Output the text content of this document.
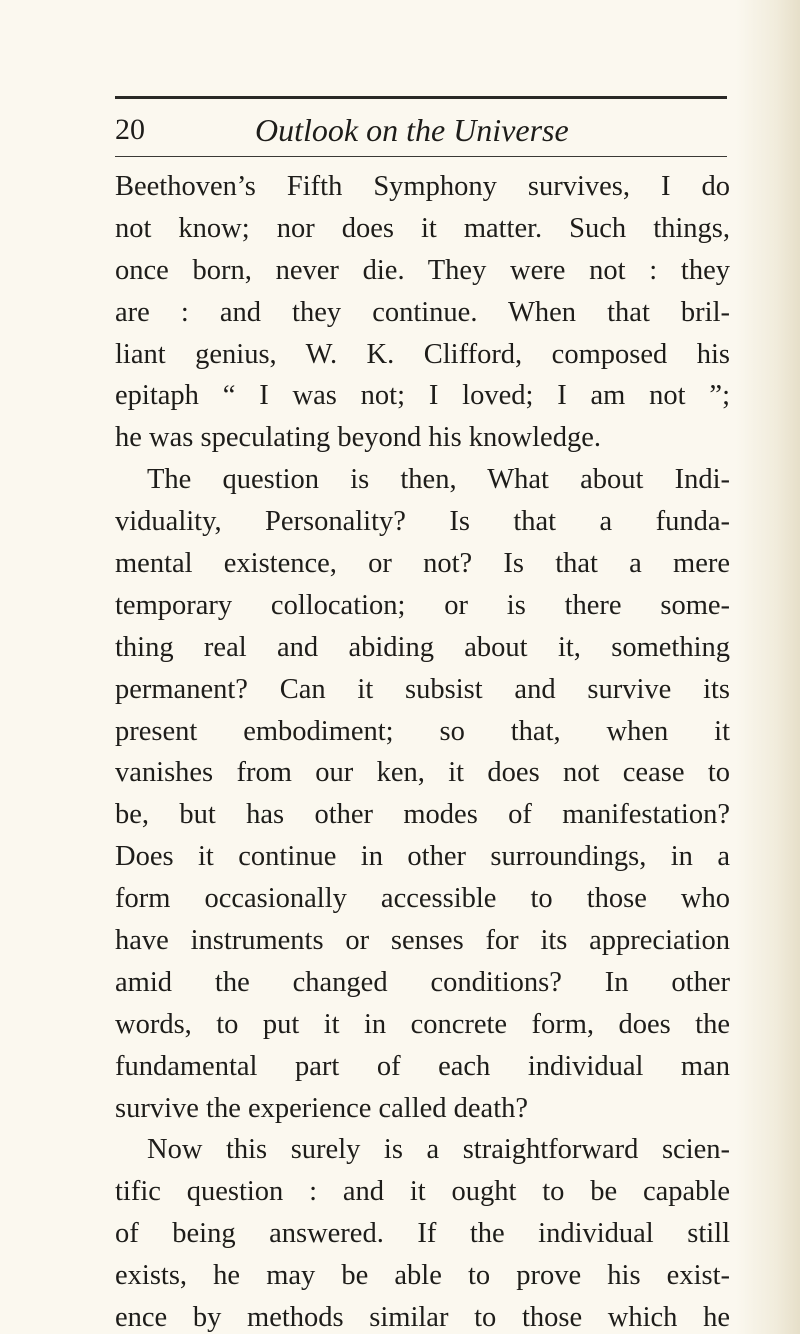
20	Outlook on the Universe
Beethoven’s Fifth Symphony survives, I do
not know; nor does it matter. Such things,
once born, never die. They were not : they
are : and they continue. When that bril-
liant genius, W. K. Clifford, composed his
epitaph “ I was not; I loved; I am not ”;
he was speculating beyond his knowledge.
The question is then, What about Indi-
viduality, Personality? Is that a funda-
mental existence, or not? Is that a mere
temporary collocation; or is there some-
thing real and abiding about it, something
permanent? Can it subsist and survive its
present embodiment; so that, when it
vanishes from our ken, it does not cease to
be, but has other modes of manifestation?
Does it continue in other surroundings, in a
form occasionally accessible to those who
have instruments or senses for its appreciation
amid the changed conditions? In other
words, to put it in concrete form, does the
fundamental part of each individual man
survive the experience called death?
Now this surely is a straightforward scien-
tific question : and it ought to be capable
of being answered. If the individual still
exists, he may be able to prove his exist-
ence by methods similar to those which he
